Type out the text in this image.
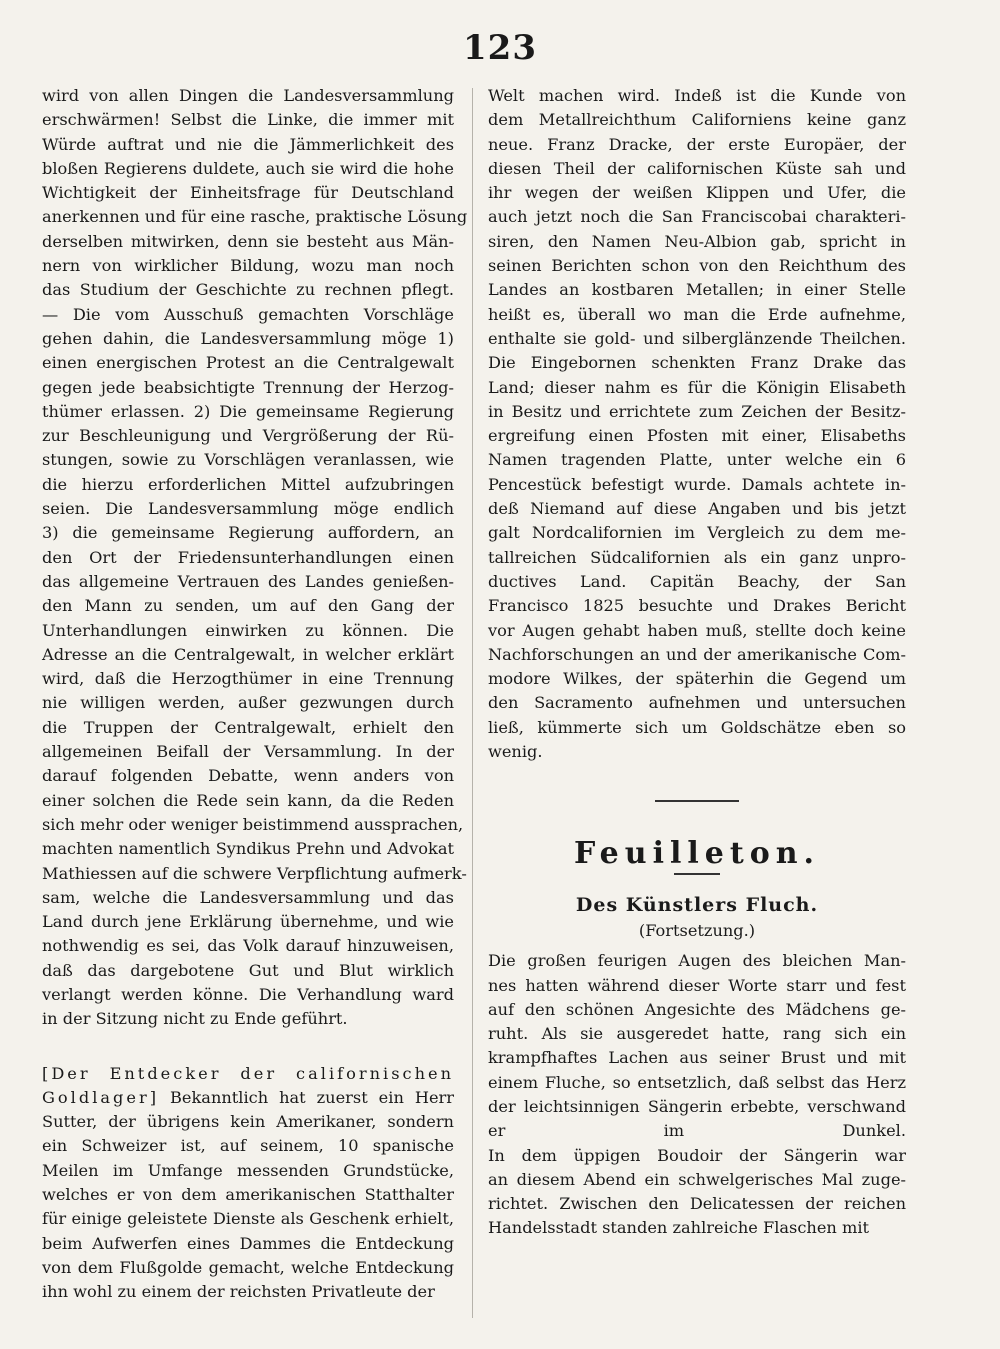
123
wird von allen Dingen die Landesversammlung
erschwärmen! Selbst die Linke, die immer mit
Würde auftrat und nie die Jämmerlichkeit des
bloßen Regierens duldete, auch sie wird die hohe
Wichtigkeit der Einheitsfrage für Deutschland
anerkennen und für eine rasche, praktische Lösung
derselben mitwirken, denn sie besteht aus Män-
nern von wirklicher Bildung, wozu man noch
das Studium der Geschichte zu rechnen pflegt.
— Die vom Ausschuß gemachten Vorschläge
gehen dahin, die Landesversammlung möge 1)
einen energischen Protest an die Centralgewalt
gegen jede beabsichtigte Trennung der Herzog-
thümer erlassen. 2) Die gemeinsame Regierung
zur Beschleunigung und Vergrößerung der Rü-
stungen, sowie zu Vorschlägen veranlassen, wie
die hierzu erforderlichen Mittel aufzubringen
seien. Die Landesversammlung möge endlich
3) die gemeinsame Regierung auffordern, an
den Ort der Friedensunterhandlungen einen
das allgemeine Vertrauen des Landes genießen-
den Mann zu senden, um auf den Gang der
Unterhandlungen einwirken zu können. Die
Adresse an die Centralgewalt, in welcher erklärt
wird, daß die Herzogthümer in eine Trennung
nie willigen werden, außer gezwungen durch
die Truppen der Centralgewalt, erhielt den
allgemeinen Beifall der Versammlung. In der
darauf folgenden Debatte, wenn anders von
einer solchen die Rede sein kann, da die Reden
sich mehr oder weniger beistimmend aussprachen,
machten namentlich Syndikus Prehn und Advokat
Mathiessen auf die schwere Verpflichtung aufmerk-
sam, welche die Landesversammlung und das
Land durch jene Erklärung übernehme, und wie
nothwendig es sei, das Volk darauf hinzuweisen,
daß das dargebotene Gut und Blut wirklich
verlangt werden könne. Die Verhandlung ward
in der Sitzung nicht zu Ende geführt.
[Der Entdecker der californischen
Goldlager] Bekanntlich hat zuerst ein Herr
Sutter, der übrigens kein Amerikaner, sondern
ein Schweizer ist, auf seinem, 10 spanische
Meilen im Umfange messenden Grundstücke,
welches er von dem amerikanischen Statthalter
für einige geleistete Dienste als Geschenk erhielt,
beim Aufwerfen eines Dammes die Entdeckung
von dem Flußgolde gemacht, welche Entdeckung
ihn wohl zu einem der reichsten Privatleute der
Welt machen wird. Indeß ist die Kunde von
dem Metallreichthum Californiens keine ganz
neue. Franz Dracke, der erste Europäer, der
diesen Theil der californischen Küste sah und
ihr wegen der weißen Klippen und Ufer, die
auch jetzt noch die San Franciscobai charakteri-
siren, den Namen Neu-Albion gab, spricht in
seinen Berichten schon von den Reichthum des
Landes an kostbaren Metallen; in einer Stelle
heißt es, überall wo man die Erde aufnehme,
enthalte sie gold- und silberglänzende Theilchen.
Die Eingebornen schenkten Franz Drake das
Land; dieser nahm es für die Königin Elisabeth
in Besitz und errichtete zum Zeichen der Besitz-
ergreifung einen Pfosten mit einer, Elisabeths
Namen tragenden Platte, unter welche ein 6
Pencestück befestigt wurde. Damals achtete in-
deß Niemand auf diese Angaben und bis jetzt
galt Nordcalifornien im Vergleich zu dem me-
tallreichen Südcalifornien als ein ganz unpro-
ductives Land. Capitän Beachy, der San
Francisco 1825 besuchte und Drakes Bericht
vor Augen gehabt haben muß, stellte doch keine
Nachforschungen an und der amerikanische Com-
modore Wilkes, der späterhin die Gegend um
den Sacramento aufnehmen und untersuchen
ließ, kümmerte sich um Goldschätze eben so
wenig.
Feuilleton.
Des Künstlers Fluch.
(Fortsetzung.)
Die großen feurigen Augen des bleichen Man-
nes hatten während dieser Worte starr und fest
auf den schönen Angesichte des Mädchens ge-
ruht. Als sie ausgeredet hatte, rang sich ein
krampfhaftes Lachen aus seiner Brust und mit
einem Fluche, so entsetzlich, daß selbst das Herz
der leichtsinnigen Sängerin erbebte, verschwand
er im Dunkel.
In dem üppigen Boudoir der Sängerin war
an diesem Abend ein schwelgerisches Mal zuge-
richtet. Zwischen den Delicatessen der reichen
Handelsstadt standen zahlreiche Flaschen mit
